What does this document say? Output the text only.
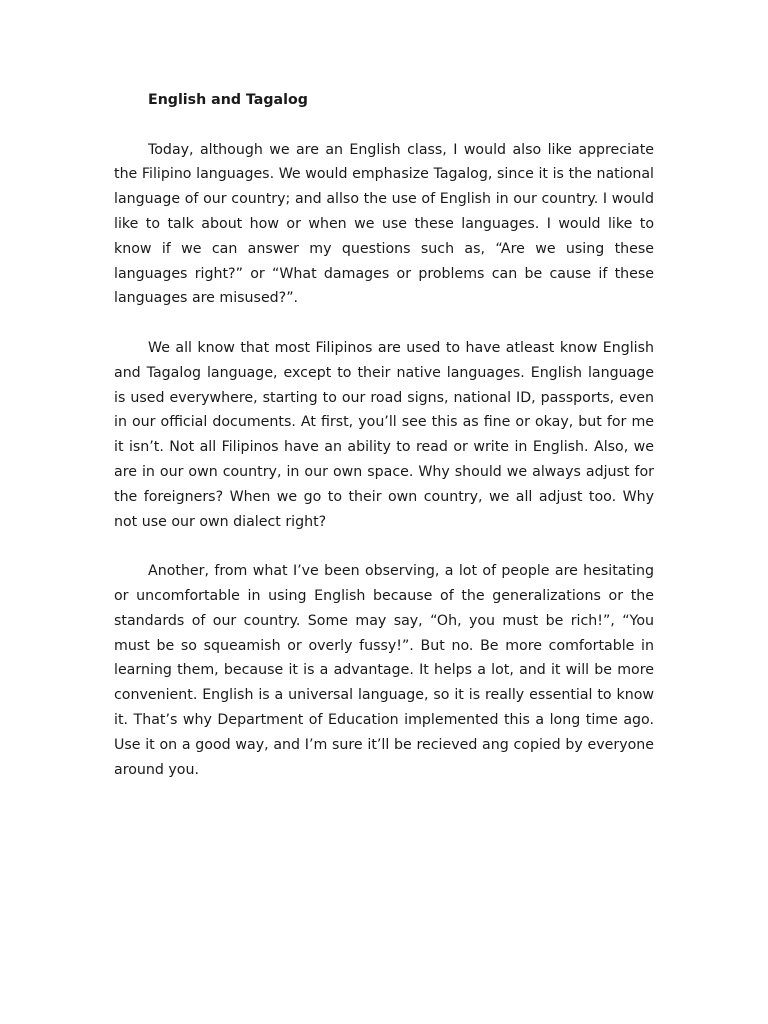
English and Tagalog

Today, although we are an English class, I would also like appreciate the Filipino languages. We would emphasize Tagalog, since it is the national language of our country; and allso the use of English in our country. I would like to talk about how or when we use these languages. I would like to know if we can answer my questions such as, “Are we using these languages right?” or “What damages or problems can be cause if these languages are misused?”.

We all know that most Filipinos are used to have atleast know English and Tagalog language, except to their native languages. English language is used everywhere, starting to our road signs, national ID, passports, even in our official documents. At first, you’ll see this as fine or okay, but for me it isn’t. Not all Filipinos have an ability to read or write in English. Also, we are in our own country, in our own space. Why should we always adjust for the foreigners? When we go to their own country, we all adjust too. Why not use our own dialect right?

Another, from what I’ve been observing, a lot of people are hesitating or uncomfortable in using English because of the generalizations or the standards of our country. Some may say, “Oh, you must be rich!”, “You must be so squeamish or overly fussy!”. But no. Be more comfortable in learning them, because it is a advantage. It helps a lot, and it will be more convenient. English is a universal language, so it is really essential to know it. That’s why Department of Education implemented this a long time ago. Use it on a good way, and I’m sure it’ll be recieved ang copied by everyone around you.
